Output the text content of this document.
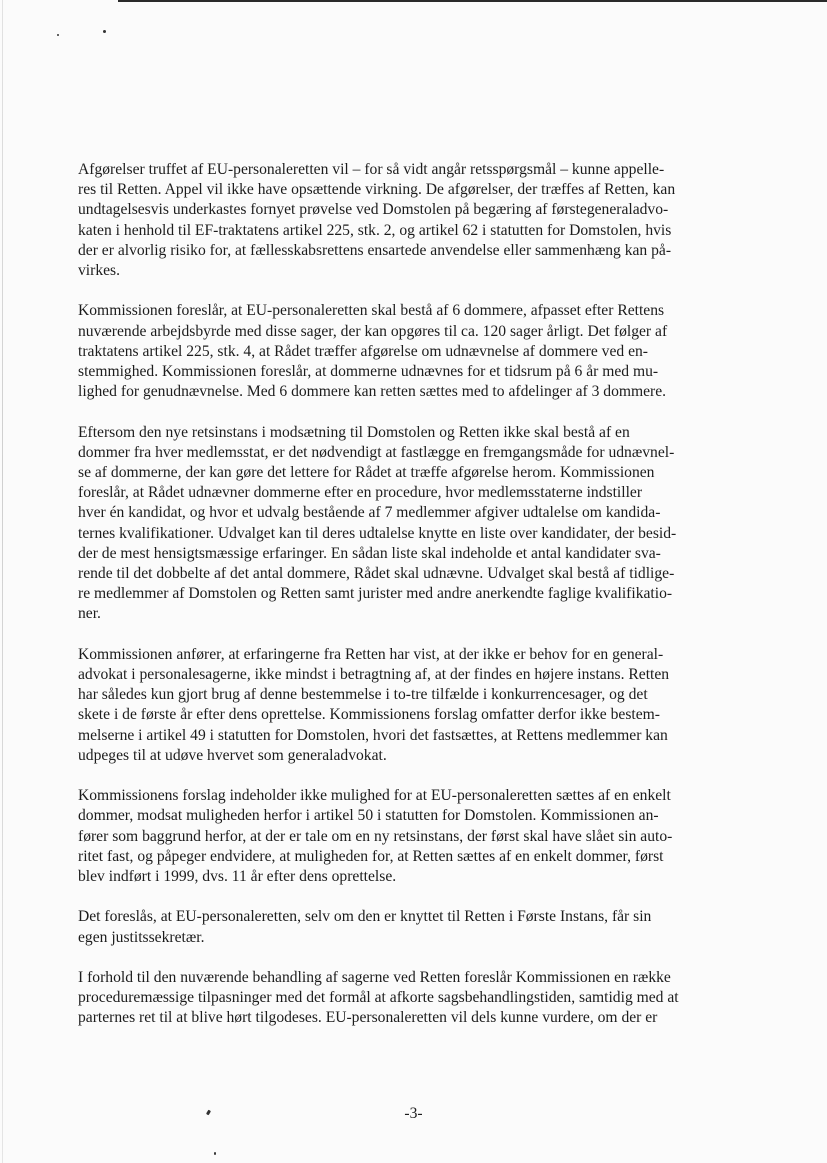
Afgørelser truffet af EU-personaleretten vil – for så vidt angår retsspørgsmål – kunne appelle-
res til Retten. Appel vil ikke have opsættende virkning. De afgørelser, der træffes af Retten, kan
undtagelsesvis underkastes fornyet prøvelse ved Domstolen på begæring af førstegeneraladvo-
katen i henhold til EF-traktatens artikel 225, stk. 2, og artikel 62 i statutten for Domstolen, hvis
der er alvorlig risiko for, at fællesskabsrettens ensartede anvendelse eller sammenhæng kan på-
virkes.

Kommissionen foreslår, at EU-personaleretten skal bestå af 6 dommere, afpasset efter Rettens
nuværende arbejdsbyrde med disse sager, der kan opgøres til ca. 120 sager årligt. Det følger af
traktatens artikel 225, stk. 4, at Rådet træffer afgørelse om udnævnelse af dommere ved en-
stemmighed. Kommissionen foreslår, at dommerne udnævnes for et tidsrum på 6 år med mu-
lighed for genudnævnelse. Med 6 dommere kan retten sættes med to afdelinger af 3 dommere.

Eftersom den nye retsinstans i modsætning til Domstolen og Retten ikke skal bestå af en
dommer fra hver medlemsstat, er det nødvendigt at fastlægge en fremgangsmåde for udnævnel-
se af dommerne, der kan gøre det lettere for Rådet at træffe afgørelse herom. Kommissionen
foreslår, at Rådet udnævner dommerne efter en procedure, hvor medlemsstaterne indstiller
hver én kandidat, og hvor et udvalg bestående af 7 medlemmer afgiver udtalelse om kandida-
ternes kvalifikationer. Udvalget kan til deres udtalelse knytte en liste over kandidater, der besid-
der de mest hensigtsmæssige erfaringer. En sådan liste skal indeholde et antal kandidater sva-
rende til det dobbelte af det antal dommere, Rådet skal udnævne. Udvalget skal bestå af tidlige-
re medlemmer af Domstolen og Retten samt jurister med andre anerkendte faglige kvalifikatio-
ner.

Kommissionen anfører, at erfaringerne fra Retten har vist, at der ikke er behov for en general-
advokat i personalesagerne, ikke mindst i betragtning af, at der findes en højere instans. Retten
har således kun gjort brug af denne bestemmelse i to-tre tilfælde i konkurrencesager, og det
skete i de første år efter dens oprettelse. Kommissionens forslag omfatter derfor ikke bestem-
melserne i artikel 49 i statutten for Domstolen, hvori det fastsættes, at Rettens medlemmer kan
udpeges til at udøve hvervet som generaladvokat.

Kommissionens forslag indeholder ikke mulighed for at EU-personaleretten sættes af en enkelt
dommer, modsat muligheden herfor i artikel 50 i statutten for Domstolen. Kommissionen an-
fører som baggrund herfor, at der er tale om en ny retsinstans, der først skal have slået sin auto-
ritet fast, og påpeger endvidere, at muligheden for, at Retten sættes af en enkelt dommer, først
blev indført i 1999, dvs. 11 år efter dens oprettelse.

Det foreslås, at EU-personaleretten, selv om den er knyttet til Retten i Første Instans, får sin
egen justitssekretær.

I forhold til den nuværende behandling af sagerne ved Retten foreslår Kommissionen en række
proceduremæssige tilpasninger med det formål at afkorte sagsbehandlingstiden, samtidig med at
parternes ret til at blive hørt tilgodeses. EU-personaleretten vil dels kunne vurdere, om der er

-3-
